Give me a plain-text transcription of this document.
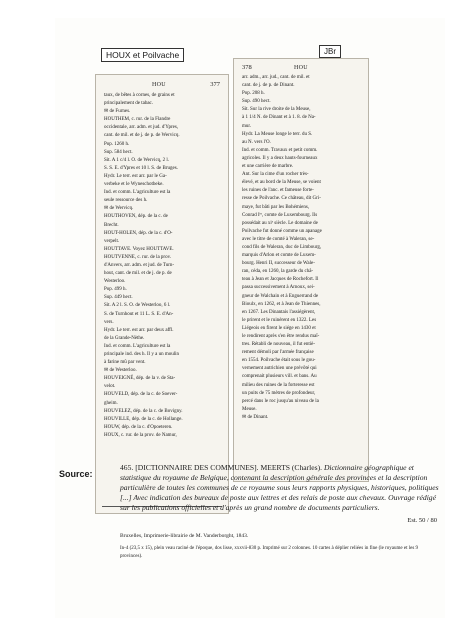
HOUX et Poilvache	JBr
HOU	377

taux, de bêtes à cornes, de grains et

principalement de tabac.

✉ de Furnes.

HOUTHEM, c. rur. de la Flandre

occidentale, arr. adm. et jud. d'Ypres,

cant. de mil. et de j. de p. de Wervicq.

Pop. 1260 h.

Sup. 584 hect.

Sit. A 1 c/4 l. O. de Wervicq, 2 l.

S. S. E. d'Ypres et 10 l. S. de Bruges.

Hydr. Le terr. est arr. par le Ga-

verbeke et le Wyneschotbeke.

Ind. et comm. L'agriculture est la

seule ressource des h.

✉ de Wervicq.

HOUTHOVEN, dép. de la c. de

Brecht.

HOUT-HOLEN, dép. de la c. d'O-

verpelt.

HOUTTAVE. Voyez HOUTTAVE.

HOUTVENNE, c. rur. de la prov.

d'Anvers, arr. adm. et jud. de Turn-

hout, cant. de mil. et de j. de p. de

Westerloo.

Pop. 499 h.

Sup. 449 hect.

Sit. A 2 l. S. O. de Westerloo, 6 l.

S. de Turnhout et 11 L. S. E. d'An-

vers.

Hydr. Le terr. est arr. par deux affl.

de la Grande-Nèthe.

Ind. et comm. L'agriculture est la

principale ind. des h. Il y a un moulin

à farine mû par vent.

✉ de Westerloo.

HOUVEIGNÉ, dép. de la v. de Sta-

velot.

HOUVELD, dép. de la c. de Soever-

gheim.

HOUVELEZ, dép. de la c. de Bovigny.

HOUVILLE, dép. de la c. de Hollange.

HOUW, dép. de la c. d'Opoeteren.

HOUX, c. rur. de la prov. de Namur,

378	HOU

arr. adm., arr. jud., cant. de mil. et

cant. de j. de p. de Dinant.

Pop. 208 h.

Sup. 490 hect.

Sit. Sur la rive droite de la Meuse,

à 1 1/4 N. de Dinant et à 1. 8. de Na-

mur.

Hydr. La Meuse longe le terr. du S.

au N. vers l'O.

Ind. et comm. Travaux et petit comm.

agricoles. Il y a deux hauts-fourneaux

et une carrière de marbre.

Ant. Sur la cime d'un rocher très-

élevé, et au bord de la Meuse, se voient

les ruines de l'anc. et fameuse forte-

resse de Poilvache. Ce château, dit Gri-

maye, fut bâti par les Bohémiens,

Conrad Iᵉʳ, comte de Luxembourg. Ils

possédait au xiᵉ siècle. Le domaine de

Poilvache fut donné comme un apanage

avec le titre de comté à Waleran, se-

cond fils de Waleran, duc de Limbourg,

marquis d'Arlon et comte de Luxem-

bourg. Henri II, successeur de Wale-

ran, céda, en 1260, la garde du châ-

teau à Jean et Jacques de Rochefort. Il

passa successivement à Arnoux, sei-

gneur de Walchain et à Enguerrand de

Bioulx, en 1262, et à Jean de Thiennes,

en 1267. Les Dinantais l'assiégèrent,

le prirent et le ruinèrent en 1322. Les

Liégeois en firent le siége en 1430 et

le rendirent après s'en être rendus maî-

tres. Rétabli de nouveau, il fut entiè-

rement démoli par l'armée française

en 1554. Poilvache était sous le gou-

vernement autrichien une prévôté qui

comprenait plusieurs vill. et bans. Au

milieu des ruines de la forteresse est

un puits de 75 mètres de profondeur,

percé dans le roc jusqu'au niveau de la

Meuse.

✉ de Dinant.

Source:
465. [DICTIONNAIRE DES COMMUNES]. MEERTS (Charles). Dictionnaire géographique et statistique du royaume de Belgique, contenant la description générale des provinces et la description particulière de toutes les communes de ce royaume sous leurs rapports physiques, historiques, politiques [...] Avec indication des bureaux de poste aux lettres et des relais de poste aux chevaux. Ouvrage rédigé sur les publications officielles et d'après un grand nombre de documents particuliers.
Est. 50 / 80
Bruxelles, Imprimerie-librairie de M. Vanderborght, 1843.
In-4 (23,5 x 15), plein veau raciné de l'époque, dos lisse, xxxvii-830 p. Imprimé sur 2 colonnes. 10 cartes à déplier reliées in fine (le royaume et les 9 provinces).
